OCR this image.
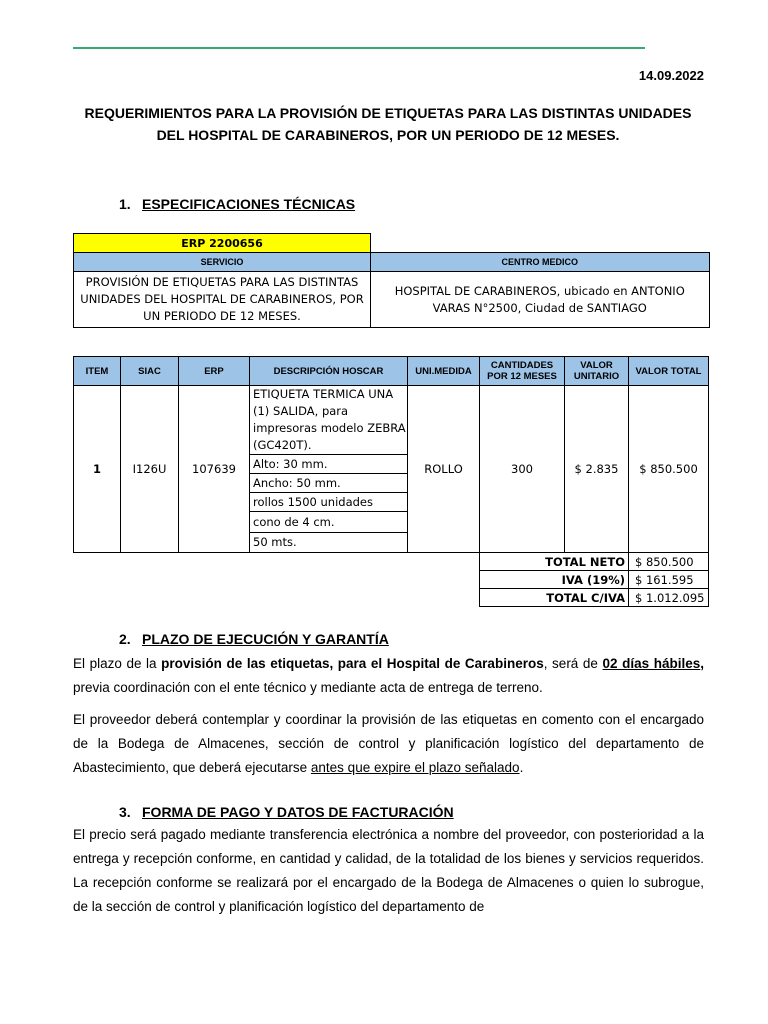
14.09.2022
REQUERIMIENTOS PARA LA PROVISIÓN DE ETIQUETAS PARA LAS DISTINTAS UNIDADES
DEL HOSPITAL DE CARABINEROS, POR UN PERIODO DE 12 MESES.
1. ESPECIFICACIONES TÉCNICAS
ERP 2200656	
SERVICIO	CENTRO MEDICO
PROVISIÓN DE ETIQUETAS PARA LAS DISTINTAS UNIDADES DEL HOSPITAL DE CARABINEROS, POR UN PERIODO DE 12 MESES.	HOSPITAL DE CARABINEROS, ubicado en ANTONIO VARAS N°2500, Ciudad de SANTIAGO
ITEM	SIAC	ERP	DESCRIPCIÓN HOSCAR	UNI.MEDIDA	CANTIDADES POR 12 MESES	VALOR UNITARIO	VALOR TOTAL
1	I126U	107639	ETIQUETA TERMICA UNA (1) SALIDA, para impresoras modelo ZEBRA (GC420T).	ROLLO	300	$ 2.835	$ 850.500
			Alto: 30 mm.				
			Ancho: 50 mm.				
			rollos 1500 unidades				
			cono de 4 cm.				
			50 mts.				
					TOTAL NETO		$ 850.500
					IVA (19%)		$ 161.595
					TOTAL C/IVA		$ 1.012.095
2. PLAZO DE EJECUCIÓN Y GARANTÍA
El plazo de la provisión de las etiquetas, para el Hospital de Carabineros, será de 02 días hábiles, previa coordinación con el ente técnico y mediante acta de entrega de terreno.
El proveedor deberá contemplar y coordinar la provisión de las etiquetas en comento con el encargado de la Bodega de Almacenes, sección de control y planificación logístico del departamento de Abastecimiento, que deberá ejecutarse antes que expire el plazo señalado.
3. FORMA DE PAGO Y DATOS DE FACTURACIÓN
El precio será pagado mediante transferencia electrónica a nombre del proveedor, con posterioridad a la entrega y recepción conforme, en cantidad y calidad, de la totalidad de los bienes y servicios requeridos. La recepción conforme se realizará por el encargado de la Bodega de Almacenes o quien lo subrogue, de la sección de control y planificación logístico del departamento de
